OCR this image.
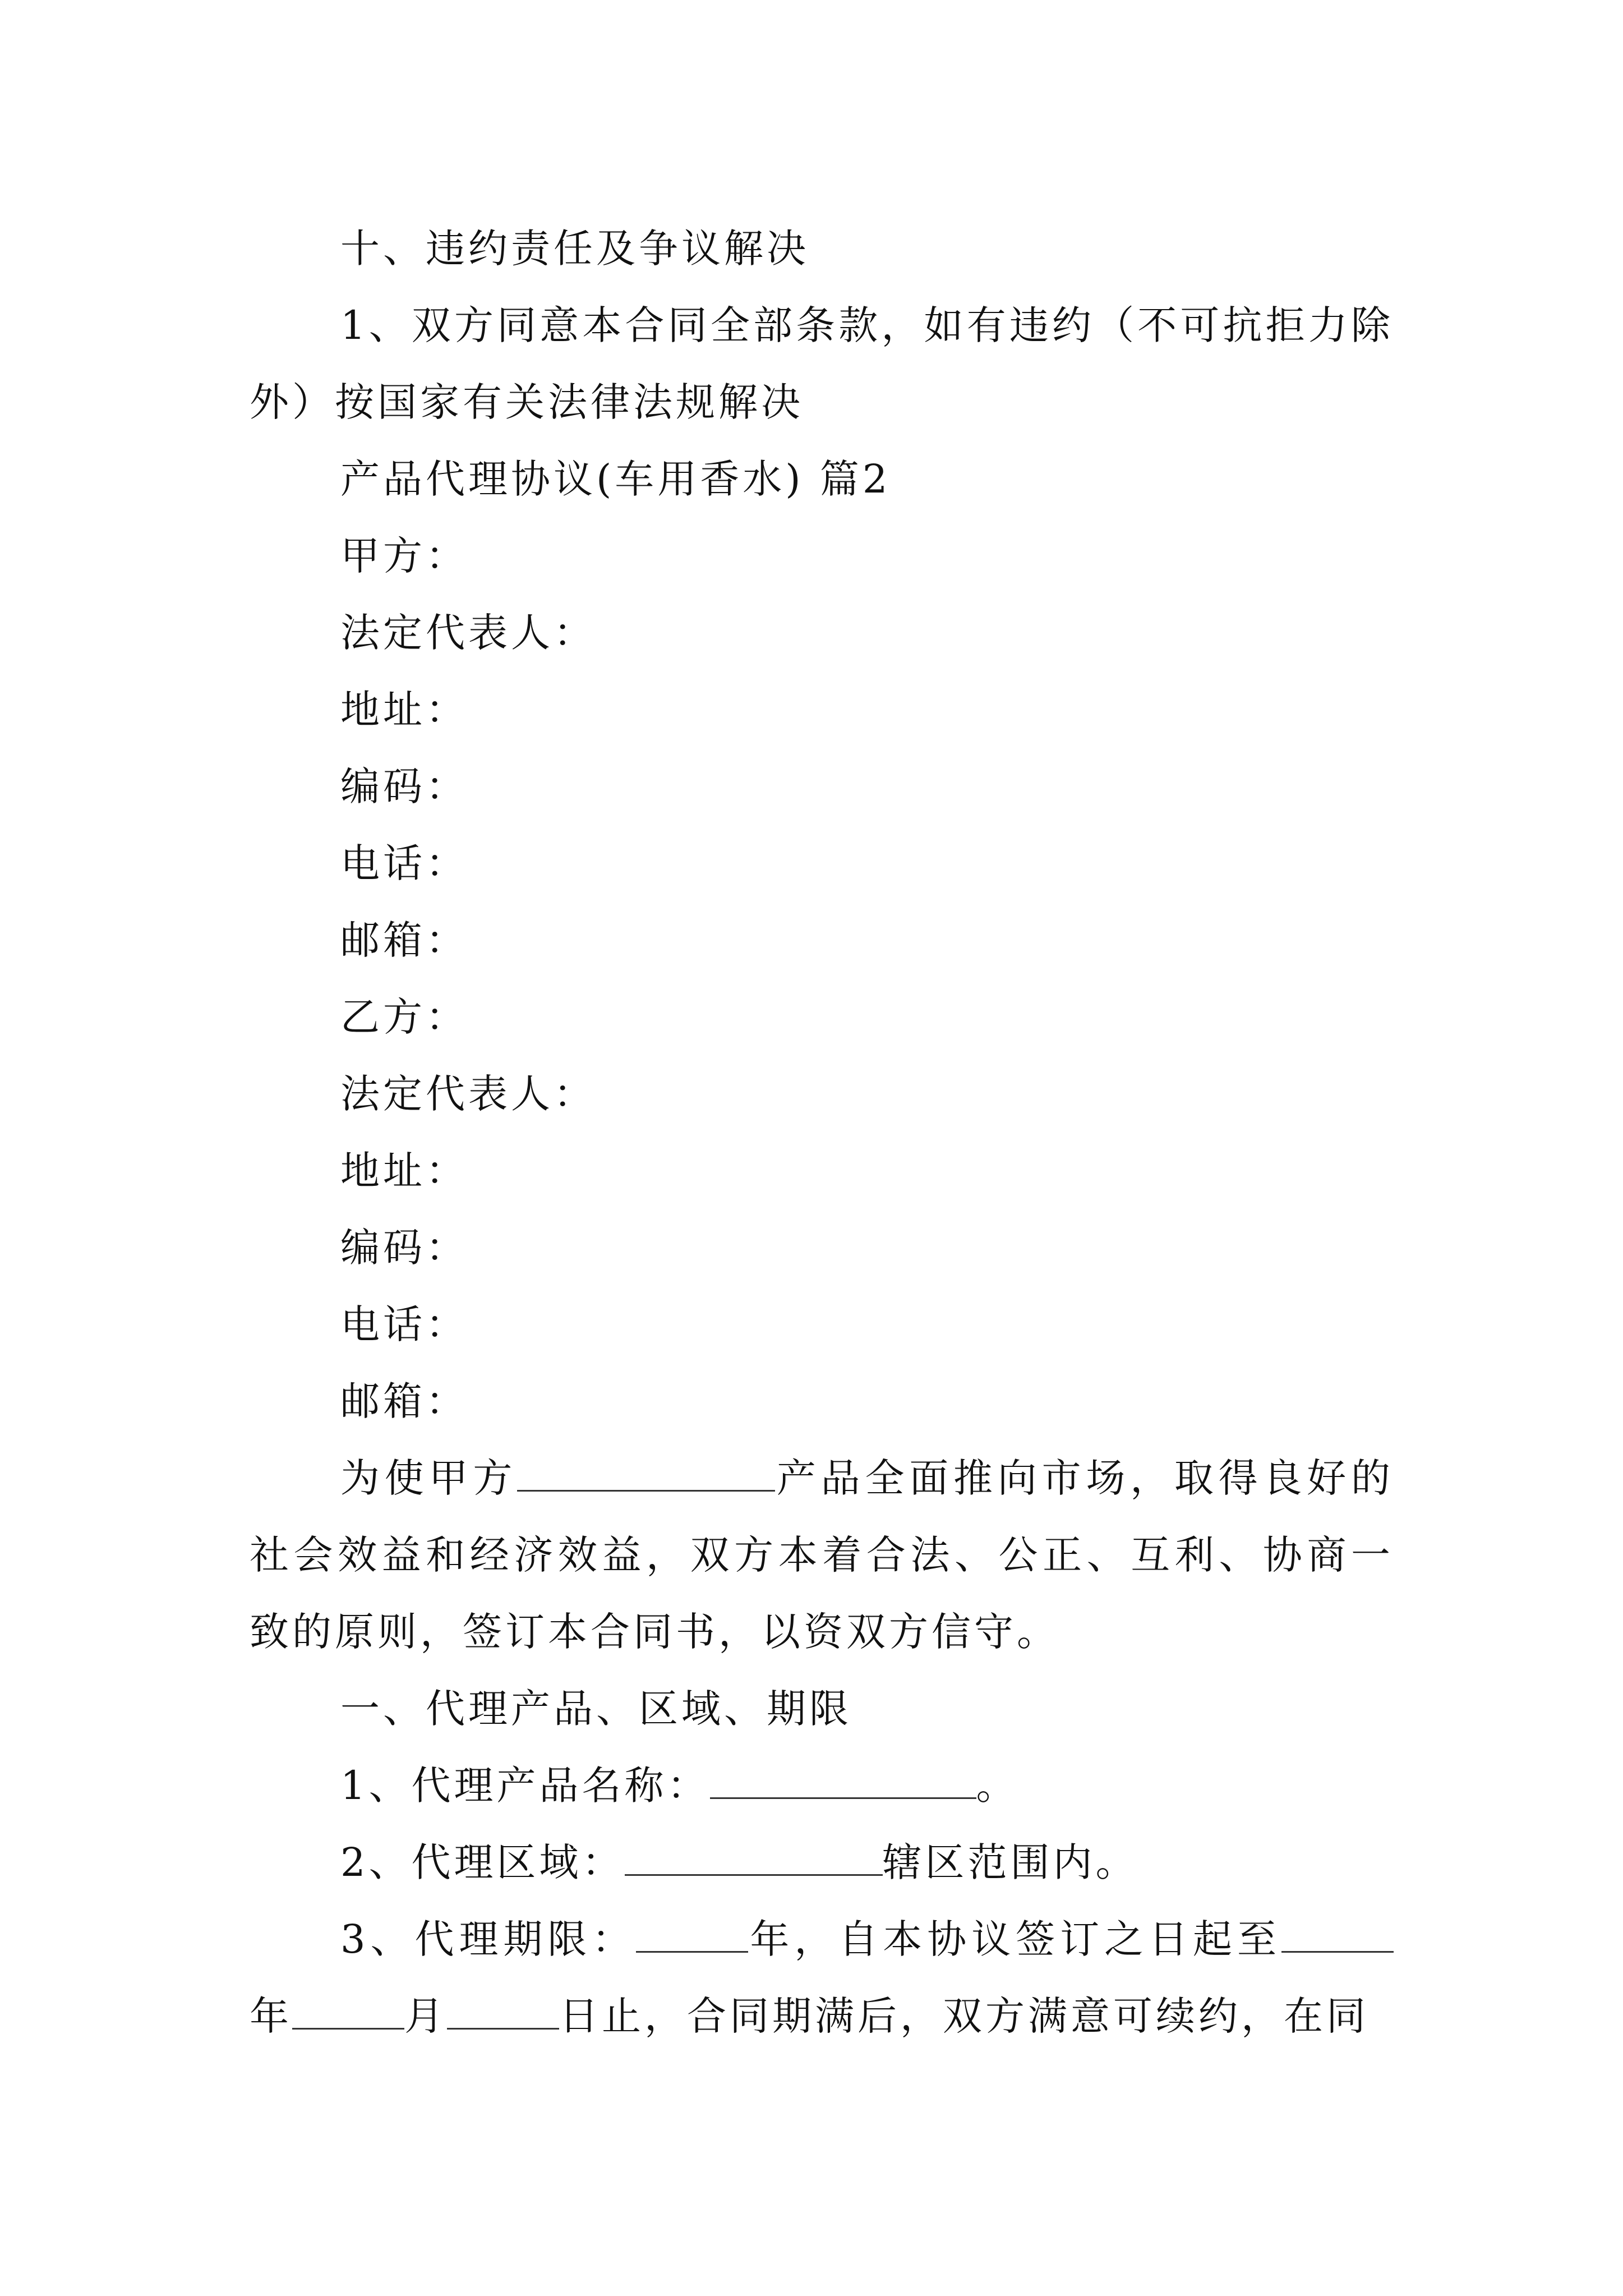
十、违约责任及争议解决

1、双方同意本合同全部条款，如有违约（不可抗拒力除外）按国家有关法律法规解决

产品代理协议(车用香水) 篇2

甲方：

法定代表人：

地址：

编码：

电话：

邮箱：

乙方：

法定代表人：

地址：

编码：

电话：

邮箱：

为使甲方	产品全面推向市场，取得良好的社会效益和经济效益，双方本着合法、公正、互利、协商一致的原则，签订本合同书，以资双方信守。

一、代理产品、区域、期限

1、代理产品名称：	。

2、代理区域：	辖区范围内。

3、代理期限：	年，自本协议签订之日起至年	月	日止，合同期满后，双方满意可续约，在同
